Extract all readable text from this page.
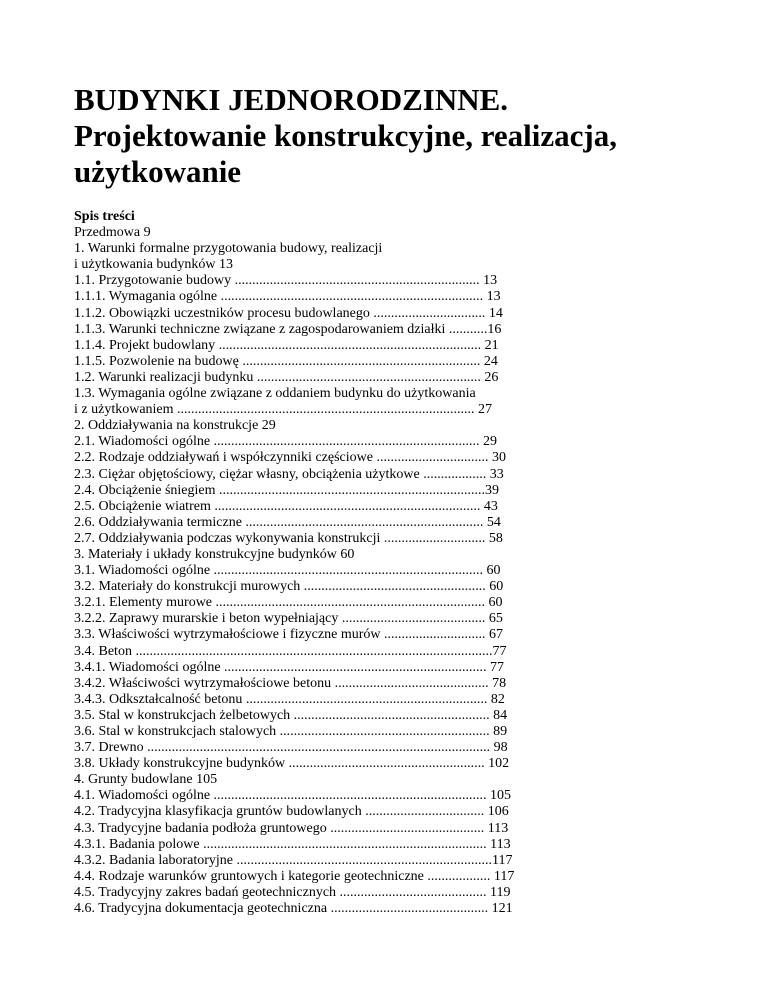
BUDYNKI JEDNORODZINNE.
Projektowanie konstrukcyjne, realizacja,
użytkowanie
Spis treści
Przedmowa 9
1. Warunki formalne przygotowania budowy, realizacji
i użytkowania budynków 13
1.1. Przygotowanie budowy ...................................................................... 13
1.1.1. Wymagania ogólne ........................................................................... 13
1.1.2. Obowiązki uczestników procesu budowlanego ................................ 14
1.1.3. Warunki techniczne związane z zagospodarowaniem działki ...........16
1.1.4. Projekt budowlany ........................................................................... 21
1.1.5. Pozwolenie na budowę .................................................................... 24
1.2. Warunki realizacji budynku ................................................................ 26
1.3. Wymagania ogólne związane z oddaniem budynku do użytkowania
i z użytkowaniem ..................................................................................... 27
2. Oddziaływania na konstrukcje 29
2.1. Wiadomości ogólne ............................................................................ 29
2.2. Rodzaje oddziaływań i współczynniki częściowe ................................ 30
2.3. Ciężar objętościowy, ciężar własny, obciążenia użytkowe .................. 33
2.4. Obciążenie śniegiem ............................................................................39
2.5. Obciążenie wiatrem ............................................................................ 43
2.6. Oddziaływania termiczne .................................................................... 54
2.7. Oddziaływania podczas wykonywania konstrukcji ............................. 58
3. Materiały i układy konstrukcyjne budynków 60
3.1. Wiadomości ogólne ............................................................................. 60
3.2. Materiały do konstrukcji murowych .................................................... 60
3.2.1. Elementy murowe ............................................................................. 60
3.2.2. Zaprawy murarskie i beton wypełniający ......................................... 65
3.3. Właściwości wytrzymałościowe i fizyczne murów ............................. 67
3.4. Beton ......................................................................................................77
3.4.1. Wiadomości ogólne ........................................................................... 77
3.4.2. Właściwości wytrzymałościowe betonu ............................................ 78
3.4.3. Odkształcalność betonu ..................................................................... 82
3.5. Stal w konstrukcjach żelbetowych ........................................................ 84
3.6. Stal w konstrukcjach stalowych ............................................................ 89
3.7. Drewno .................................................................................................. 98
3.8. Układy konstrukcyjne budynków ........................................................ 102
4. Grunty budowlane 105
4.1. Wiadomości ogólne .............................................................................. 105
4.2. Tradycyjna klasyfikacja gruntów budowlanych .................................. 106
4.3. Tradycyjne badania podłoża gruntowego ............................................ 113
4.3.1. Badania polowe ................................................................................. 113
4.3.2. Badania laboratoryjne .........................................................................117
4.4. Rodzaje warunków gruntowych i kategorie geotechniczne .................. 117
4.5. Tradycyjny zakres badań geotechnicznych .......................................... 119
4.6. Tradycyjna dokumentacja geotechniczna ............................................. 121
